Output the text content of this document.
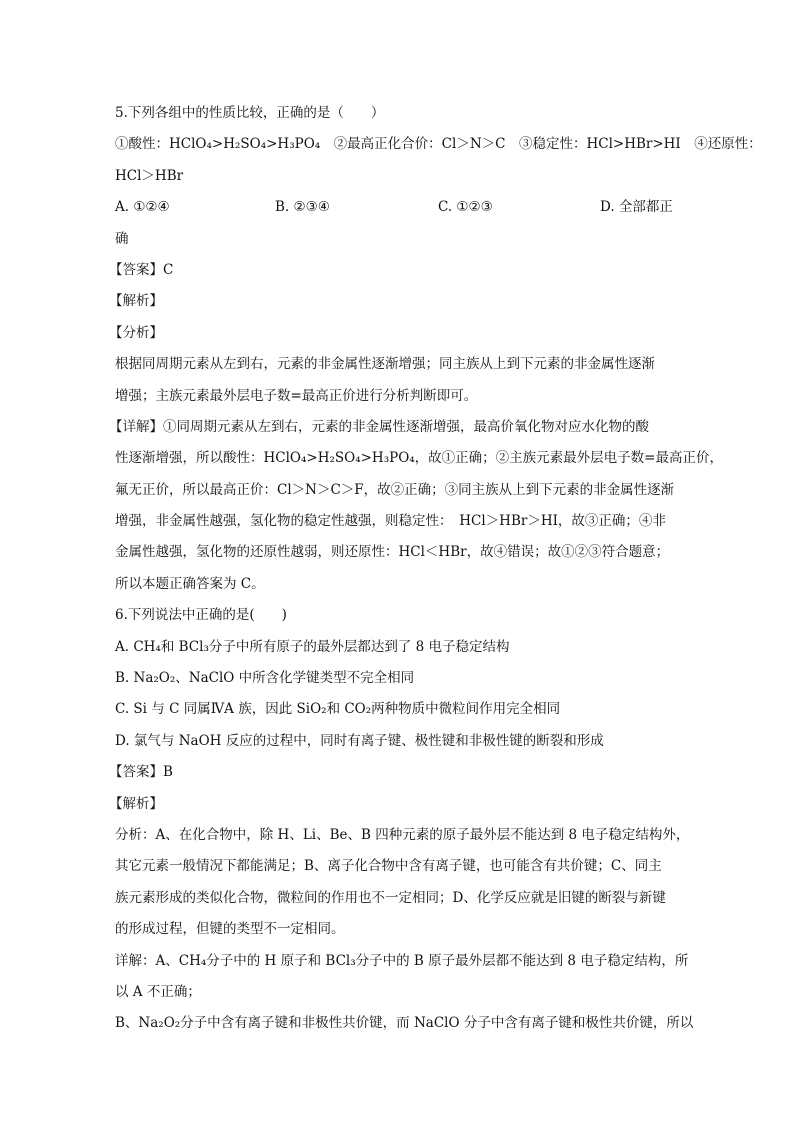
5.下列各组中的性质比较，正确的是（　　）
①酸性：HClO₄>H₂SO₄>H₃PO₄　②最高正化合价：Cl＞N＞C　③稳定性：HCl>HBr>HI　④还原性：
HCl＞HBr
A. ①②④	B. ②③④	C. ①②③	D. 全部都正
确
【答案】C
【解析】
【分析】
根据同周期元素从左到右，元素的非金属性逐渐增强；同主族从上到下元素的非金属性逐渐
增强；主族元素最外层电子数=最高正价进行分析判断即可。
【详解】①同周期元素从左到右，元素的非金属性逐渐增强，最高价氧化物对应水化物的酸
性逐渐增强，所以酸性：HClO₄>H₂SO₄>H₃PO₄，故①正确；②主族元素最外层电子数=最高正价，
氟无正价，所以最高正价：Cl＞N＞C＞F，故②正确；③同主族从上到下元素的非金属性逐渐
增强，非金属性越强，氢化物的稳定性越强，则稳定性：　HCl＞HBr＞HI，故③正确；④非
金属性越强，氢化物的还原性越弱，则还原性：HCl＜HBr，故④错误；故①②③符合题意；
所以本题正确答案为 C。
6.下列说法中正确的是(　　)
A. CH₄和 BCl₃分子中所有原子的最外层都达到了 8 电子稳定结构
B. Na₂O₂、NaClO 中所含化学键类型不完全相同
C. Si 与 C 同属ⅣA 族，因此 SiO₂和 CO₂两种物质中微粒间作用完全相同
D. 氯气与 NaOH 反应的过程中，同时有离子键、极性键和非极性键的断裂和形成
【答案】B
【解析】
分析：A、在化合物中，除 H、Li、Be、B 四种元素的原子最外层不能达到 8 电子稳定结构外，
其它元素一般情况下都能满足；B、离子化合物中含有离子键，也可能含有共价键；C、同主
族元素形成的类似化合物，微粒间的作用也不一定相同；D、化学反应就是旧键的断裂与新键
的形成过程，但键的类型不一定相同。
详解：A、CH₄分子中的 H 原子和 BCl₃分子中的 B 原子最外层都不能达到 8 电子稳定结构，所
以 A 不正确；
B、Na₂O₂分子中含有离子键和非极性共价键，而 NaClO 分子中含有离子键和极性共价键，所以
